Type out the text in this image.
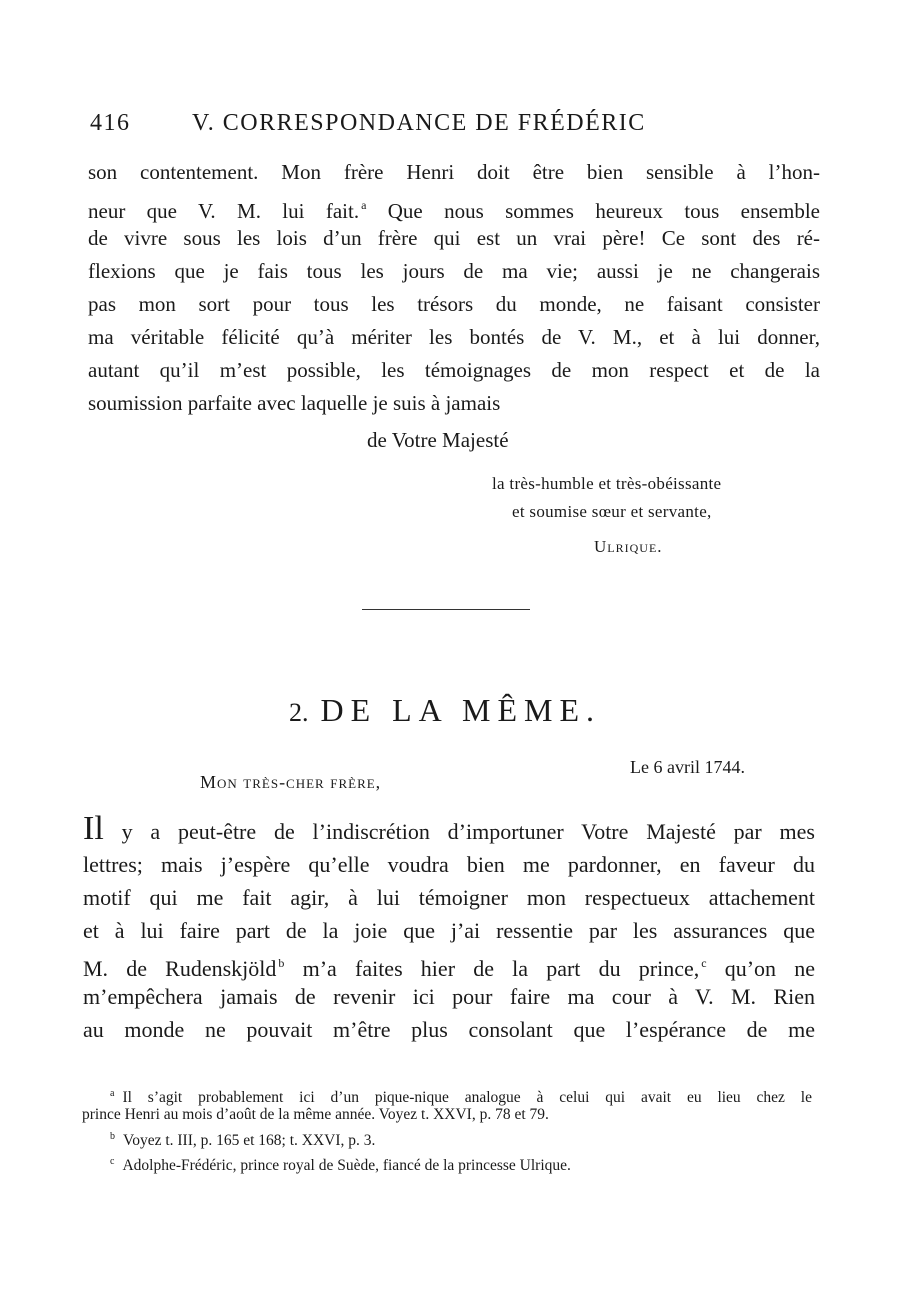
416	V. CORRESPONDANCE DE FRÉDÉRIC
son contentement. Mon frère Henri doit être bien sensible à l’hon-
neur que V. M. lui fait. $^a$ Que nous sommes heureux tous ensemble
de vivre sous les lois d’un frère qui est un vrai père! Ce sont des ré-
flexions que je fais tous les jours de ma vie; aussi je ne changerais
pas mon sort pour tous les trésors du monde, ne faisant consister
ma véritable félicité qu’à mériter les bontés de V. M., et à lui donner,
autant qu’il m’est possible, les témoignages de mon respect et de la
soumission parfaite avec laquelle je suis à jamais
de Votre Majesté
la très-humble et très-obéissante
et soumise sœur et servante,
Ulrique.
2. DE LA MÊME.
Le 6 avril 1744.
Mon très-cher frère,
Il y a peut-être de l’indiscrétion d’importuner Votre Majesté par mes
lettres; mais j’espère qu’elle voudra bien me pardonner, en faveur du
motif qui me fait agir, à lui témoigner mon respectueux attachement
et à lui faire part de la joie que j’ai ressentie par les assurances que
M. de Rudenskjöld $^b$ m’a faites hier de la part du prince, $^c$ qu’on ne
m’empêchera jamais de revenir ici pour faire ma cour à V. M. Rien
au monde ne pouvait m’être plus consolant que l’espérance de me
$^a$ Il s’agit probablement ici d’un pique-nique analogue à celui qui avait eu lieu chez le
prince Henri au mois d’août de la même année. Voyez t. XXVI, p. 78 et 79.
$^b$ Voyez t. III, p. 165 et 168; t. XXVI, p. 3.
$^c$ Adolphe-Frédéric, prince royal de Suède, fiancé de la princesse Ulrique.
